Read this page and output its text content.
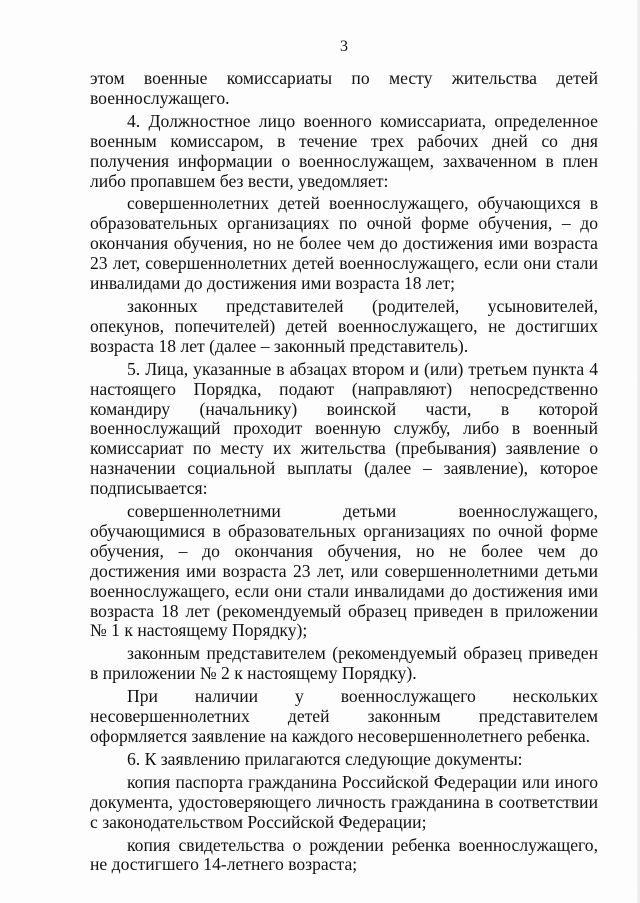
3

этом военные комиссариаты по месту жительства детей военнослужащего.

4. Должностное лицо военного комиссариата, определенное военным комиссаром, в течение трех рабочих дней со дня получения информации о военнослужащем, захваченном в плен либо пропавшем без вести, уведомляет:

совершеннолетних детей военнослужащего, обучающихся в образовательных организациях по очной форме обучения, – до окончания обучения, но не более чем до достижения ими возраста 23 лет, совершеннолетних детей военнослужащего, если они стали инвалидами до достижения ими возраста 18 лет;

законных представителей (родителей, усыновителей, опекунов, попечителей) детей военнослужащего, не достигших возраста 18 лет (далее – законный представитель).

5. Лица, указанные в абзацах втором и (или) третьем пункта 4 настоящего Порядка, подают (направляют) непосредственно командиру (начальнику) воинской части, в которой военнослужащий проходит военную службу, либо в военный комиссариат по месту их жительства (пребывания) заявление о назначении социальной выплаты (далее – заявление), которое подписывается:

совершеннолетними детьми военнослужащего, обучающимися в образовательных организациях по очной форме обучения, – до окончания обучения, но не более чем до достижения ими возраста 23 лет, или совершеннолетними детьми военнослужащего, если они стали инвалидами до достижения ими возраста 18 лет (рекомендуемый образец приведен в приложении № 1 к настоящему Порядку);

законным представителем (рекомендуемый образец приведен в приложении № 2 к настоящему Порядку).

При наличии у военнослужащего нескольких несовершеннолетних детей законным представителем оформляется заявление на каждого несовершеннолетнего ребенка.

6. К заявлению прилагаются следующие документы:

копия паспорта гражданина Российской Федерации или иного документа, удостоверяющего личность гражданина в соответствии с законодательством Российской Федерации;

копия свидетельства о рождении ребенка военнослужащего, не достигшего 14-летнего возраста;
